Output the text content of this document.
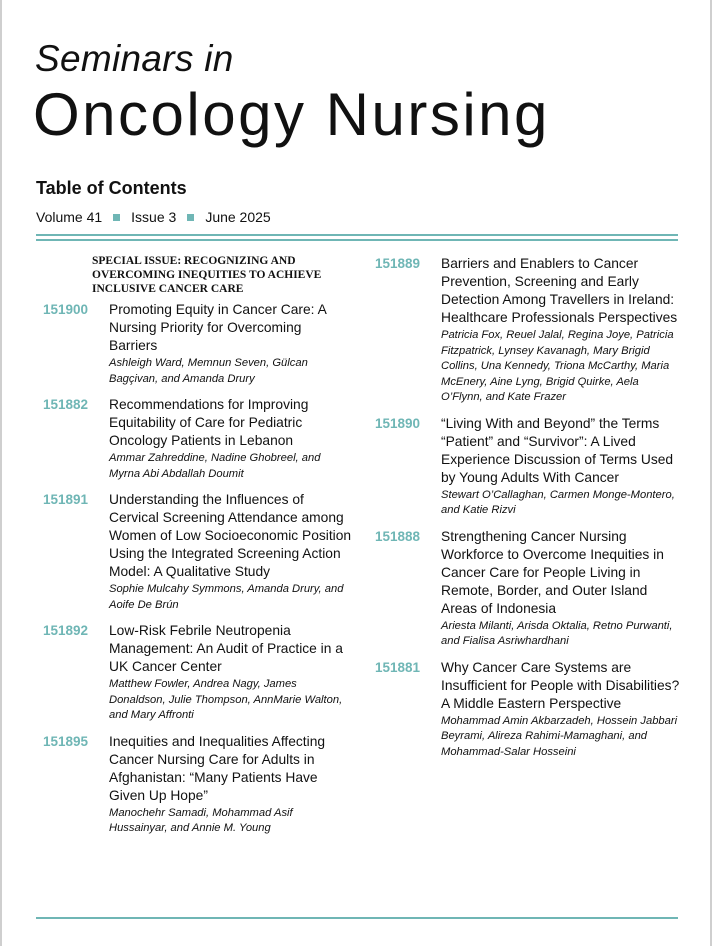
Seminars in
Oncology Nursing
Table of Contents
Volume 41 Issue 3 June 2025

SPECIAL ISSUE: RECOGNIZING AND OVERCOMING INEQUITIES TO ACHIEVE INCLUSIVE CANCER CARE

151900 Promoting Equity in Cancer Care: A Nursing Priority for Overcoming Barriers

Ashleigh Ward, Memnun Seven, Gülcan Bagçivan, and Amanda Drury

151882 Recommendations for Improving Equitability of Care for Pediatric Oncology Patients in Lebanon

Ammar Zahreddine, Nadine Ghobreel, and Myrna Abi Abdallah Doumit

151891 Understanding the Influences of Cervical Screening Attendance among Women of Low Socioeconomic Position Using the Integrated Screening Action Model: A Qualitative Study

Sophie Mulcahy Symmons, Amanda Drury, and Aoife De Brún

151892 Low-Risk Febrile Neutropenia Management: An Audit of Practice in a UK Cancer Center

Matthew Fowler, Andrea Nagy, James Donaldson, Julie Thompson, AnnMarie Walton, and Mary Affronti

151895 Inequities and Inequalities Affecting Cancer Nursing Care for Adults in Afghanistan: “Many Patients Have Given Up Hope”

Manochehr Samadi, Mohammad Asif Hussainyar, and Annie M. Young

151889 Barriers and Enablers to Cancer Prevention, Screening and Early Detection Among Travellers in Ireland: Healthcare Professionals Perspectives

Patricia Fox, Reuel Jalal, Regina Joye, Patricia Fitzpatrick, Lynsey Kavanagh, Mary Brigid Collins, Una Kennedy, Triona McCarthy, Maria McEnery, Aine Lyng, Brigid Quirke, Aela O’Flynn, and Kate Frazer

151890 “Living With and Beyond” the Terms “Patient” and “Survivor”: A Lived Experience Discussion of Terms Used by Young Adults With Cancer

Stewart O’Callaghan, Carmen Monge-Montero, and Katie Rizvi

151888 Strengthening Cancer Nursing Workforce to Overcome Inequities in Cancer Care for People Living in Remote, Border, and Outer Island Areas of Indonesia

Ariesta Milanti, Arisda Oktalia, Retno Purwanti, and Fialisa Asriwhardhani

151881 Why Cancer Care Systems are Insufficient for People with Disabilities? A Middle Eastern Perspective

Mohammad Amin Akbarzadeh, Hossein Jabbari Beyrami, Alireza Rahimi-Mamaghani, and Mohammad-Salar Hosseini
